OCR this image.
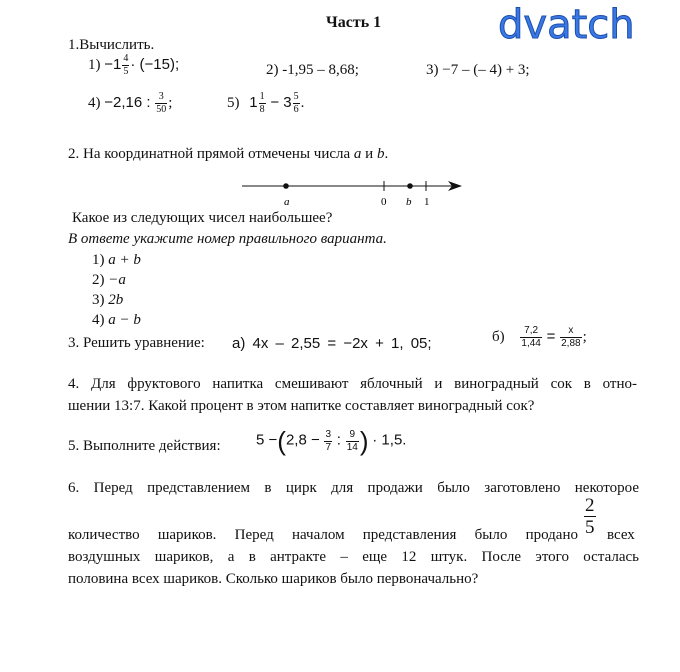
Часть 1	dvatch
1.Вычислить.
$1) -1 \frac{4}{5} \cdot (-15)$;	2) -1,95 – 8,68;	3) −7 – (– 4) + 3;
4) −2,16 : $\frac{3}{50}$ ;	5) $1 \frac{1}{8} - 3 \frac{5}{6}$ .
2. На координатной прямой отмечены числа a и b.
a	0 b 1
Какое из следующих чисел наибольшее?
В ответе укажите номер правильного варианта.
1) a + b
2) −a
3) 2b
4) a − b
3. Решить уравнение: а) 4x – 2,55 = −2x + 1, 05;	$б) \frac{7,2}{1,44} = \frac{x}{2,88}$ ;
4. Для фруктового напитка смешивают яблочный и виноградный сок в отно-
шении 13:7. Какой процент в этом напитке составляет виноградный сок?
5. Выполните действия: $5 -(2,8 - \frac{3}{7}$ : $\frac{9}{14}$ ) · 1,5.
6. Перед представлением в цирк для продажи было заготовлено некоторое
количество шариков. Перед началом представления было продано $\frac{2}{5}$ всех
воздушных шариков, а в антракте – еще 12 штук. После этого осталась
половина всех шариков. Сколько шариков было первоначально?
